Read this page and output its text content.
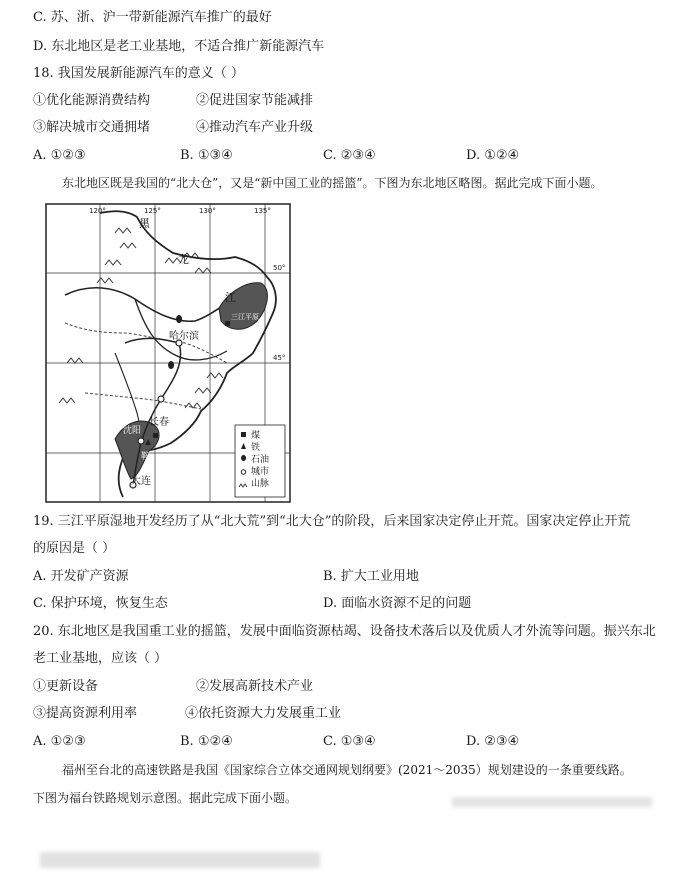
C. 苏、浙、沪一带新能源汽车推广的最好
D. 东北地区是老工业基地，不适合推广新能源汽车
18. 我国发展新能源汽车的意义（ ）
①优化能源消费结构	②促进国家节能减排
③解决城市交通拥堵	④推动汽车产业升级
A. ①②③	B. ①③④	C. ②③④	D. ①②④
东北地区既是我国的“北大仓”，又是“新中国工业的摇篮”。下图为东北地区略图。据此完成下面小题。
120°	125°	130°	135°
50°
45°
黑
龙
江
三江平原
哈尔滨
长春
沈阳
鞍
大连
煤
铁
石油
城市
山脉
19. 三江平原湿地开发经历了从“北大荒”到“北大仓”的阶段，后来国家决定停止开荒。国家决定停止开荒
的原因是（ ）
A. 开发矿产资源	B. 扩大工业用地
C. 保护环境，恢复生态	D. 面临水资源不足的问题
20. 东北地区是我国重工业的摇篮，发展中面临资源枯竭、设备技术落后以及优质人才外流等问题。振兴东北
老工业基地，应该（ ）
①更新设备	②发展高新技术产业
③提高资源利用率	④依托资源大力发展重工业
A. ①②③	B. ①②④	C. ①③④	D. ②③④
福州至台北的高速铁路是我国《国家综合立体交通网规划纲要》(2021～2035）规划建设的一条重要线路。
下图为福台铁路规划示意图。据此完成下面小题。
